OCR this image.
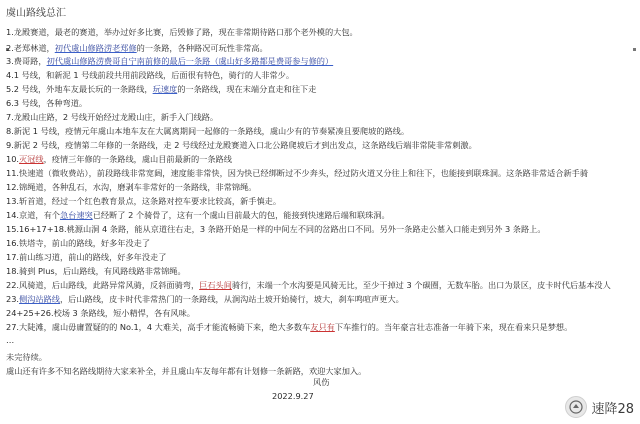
虞山路线总汇
1.龙殿赛道，最老的赛道，举办过好多比赛，后毁修了路，现在非常期待路口那个老外模的大包。
2.老郑林道，初代虞山修路涝老郑修的一条路，各种路况可玩性非常高。
3.费哥路，初代虞山修路涝费哥自宁南前修的最后一条路（虞山好多路都是费哥参与修的）
4.1 号线，和新泥 1 号线前段共用前段路线，后面很有特色，骑行的人非常少。
5.2 号线，外地车友最长玩的一条路线，玩速度的一条路线，现在末端分直走和往下走
6.3 号线，各种弯道。
7.龙殿山庄路，2 号线开始经过龙殿山庄，新手入门线路。
8.新泥 1 号线，疫情元年虞山本地车友在大属离期间一起修的一条路线，虞山少有的节奏紧凑且要爬坡的路线。
9.新泥 2 号线，疫情第二年修的一条路线，走 2 号线经过龙殿赛道入口北公路爬坡后才到出发点，这条路线后端非常陡非常刺激。
10.灭冠线，疫情三年修的一条路线，虞山目前最新的一条路线
11.快速道（微收费站），前段路线非常宽阔，速度能非常快，因为快已经绑断过不少奔头，经过防火道又分往上和往下，也能接到联珠洞。这条路非常适合新手骑
12.锦绳道，各种乱石，水沟，磨剥车非常好的一条路线，非常锦绳。
13.斩首道，经过一个红色教育景点，这条路对控车要求比较高，新手慎走。
14.京道，有个急台速突已经断了 2 个骑骨了，这有一个虞山目前最大的包，能接到快速路后端和联珠洞。
15.16+17+18.桃源山洞 4 条路，能从京道往右走，3 条路开始是一样的中间左不同的岔路出口不同。另外一条路走公墓入口能走到另外 3 条路上。
16.铁塔寺，前山的路线，好多年没走了
17.前山练习道，前山的路线，好多年没走了
18.骑到 Plus，后山路线，有风路线路非常锦绳。
22.风骑道，后山路线，此路异常风骑，反斜面骑弯，巨石头间骑行，末端一个水沟要是风骑无比，至少干掉过 3 个碳圈，无数车胎。出口为景区，皮卡时代后基本没人
23.侧沟站路线，后山路线，皮卡时代非常热门的一条路线，从涧沟站土坡开始骑行，坡大，刹车鸣喧声更大。
24+25+26.校场 3 条路线，短小精悍，各有风味。
27.大陡滩，虞山毋庸置疑的的 No.1，4 大难关，高手才能流畅骑下来，绝大多数车友只有下车推行的。当年豪言壮志准备一年骑下来，现在看来只是梦想。
…
未完待续。
虞山还有许多不知名路线期待大家来补全，并且虞山车友每年都有计划修一条新路，欢迎大家加入。
风伤
2022.9.27
速降28
